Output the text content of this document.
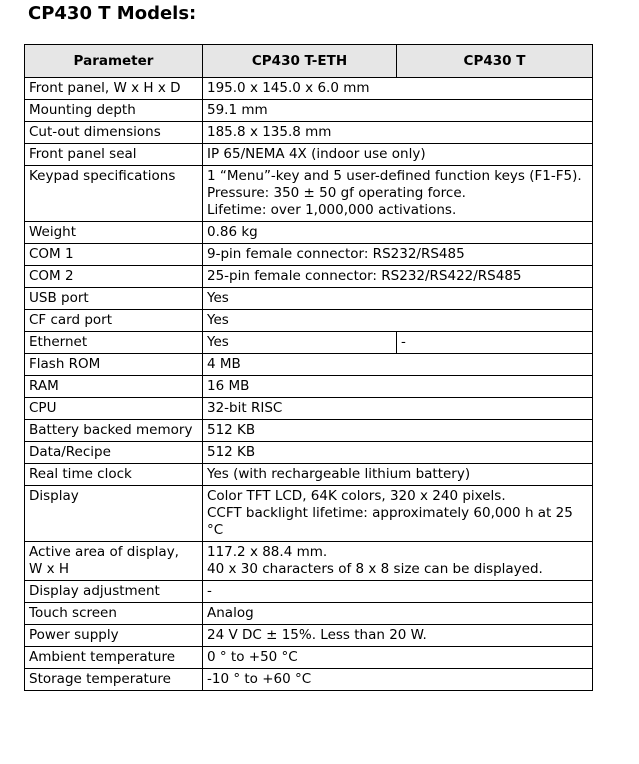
CP430 T Models:
Parameter	CP430 T-ETH	CP430 T
Front panel, W x H x D	195.0 x 145.0 x 6.0 mm	
Mounting depth	59.1 mm	
Cut-out dimensions	185.8 x 135.8 mm	
Front panel seal	IP 65/NEMA 4X (indoor use only)	
Keypad specifications	1 “Menu”-key and 5 user-defined function keys (F1-F5).
Pressure: 350 ± 50 gf operating force.
Lifetime: over 1,000,000 activations.	
Weight	0.86 kg	
COM 1	9-pin female connector: RS232/RS485	
COM 2	25-pin female connector: RS232/RS422/RS485	
USB port	Yes	
CF card port	Yes	
Ethernet	Yes	-
Flash ROM	4 MB	
RAM	16 MB	
CPU	32-bit RISC	
Battery backed memory	512 KB	
Data/Recipe	512 KB	
Real time clock	Yes (with rechargeable lithium battery)	
Display	Color TFT LCD, 64K colors, 320 x 240 pixels.
CCFT backlight lifetime: approximately 60,000 h at 25 °C	
Active area of display,
W x H	117.2 x 88.4 mm.
40 x 30 characters of 8 x 8 size can be displayed.	
Display adjustment	-	
Touch screen	Analog	
Power supply	24 V DC ± 15%. Less than 20 W.	
Ambient temperature	0 ° to +50 °C	
Storage temperature	-10 ° to +60 °C	
